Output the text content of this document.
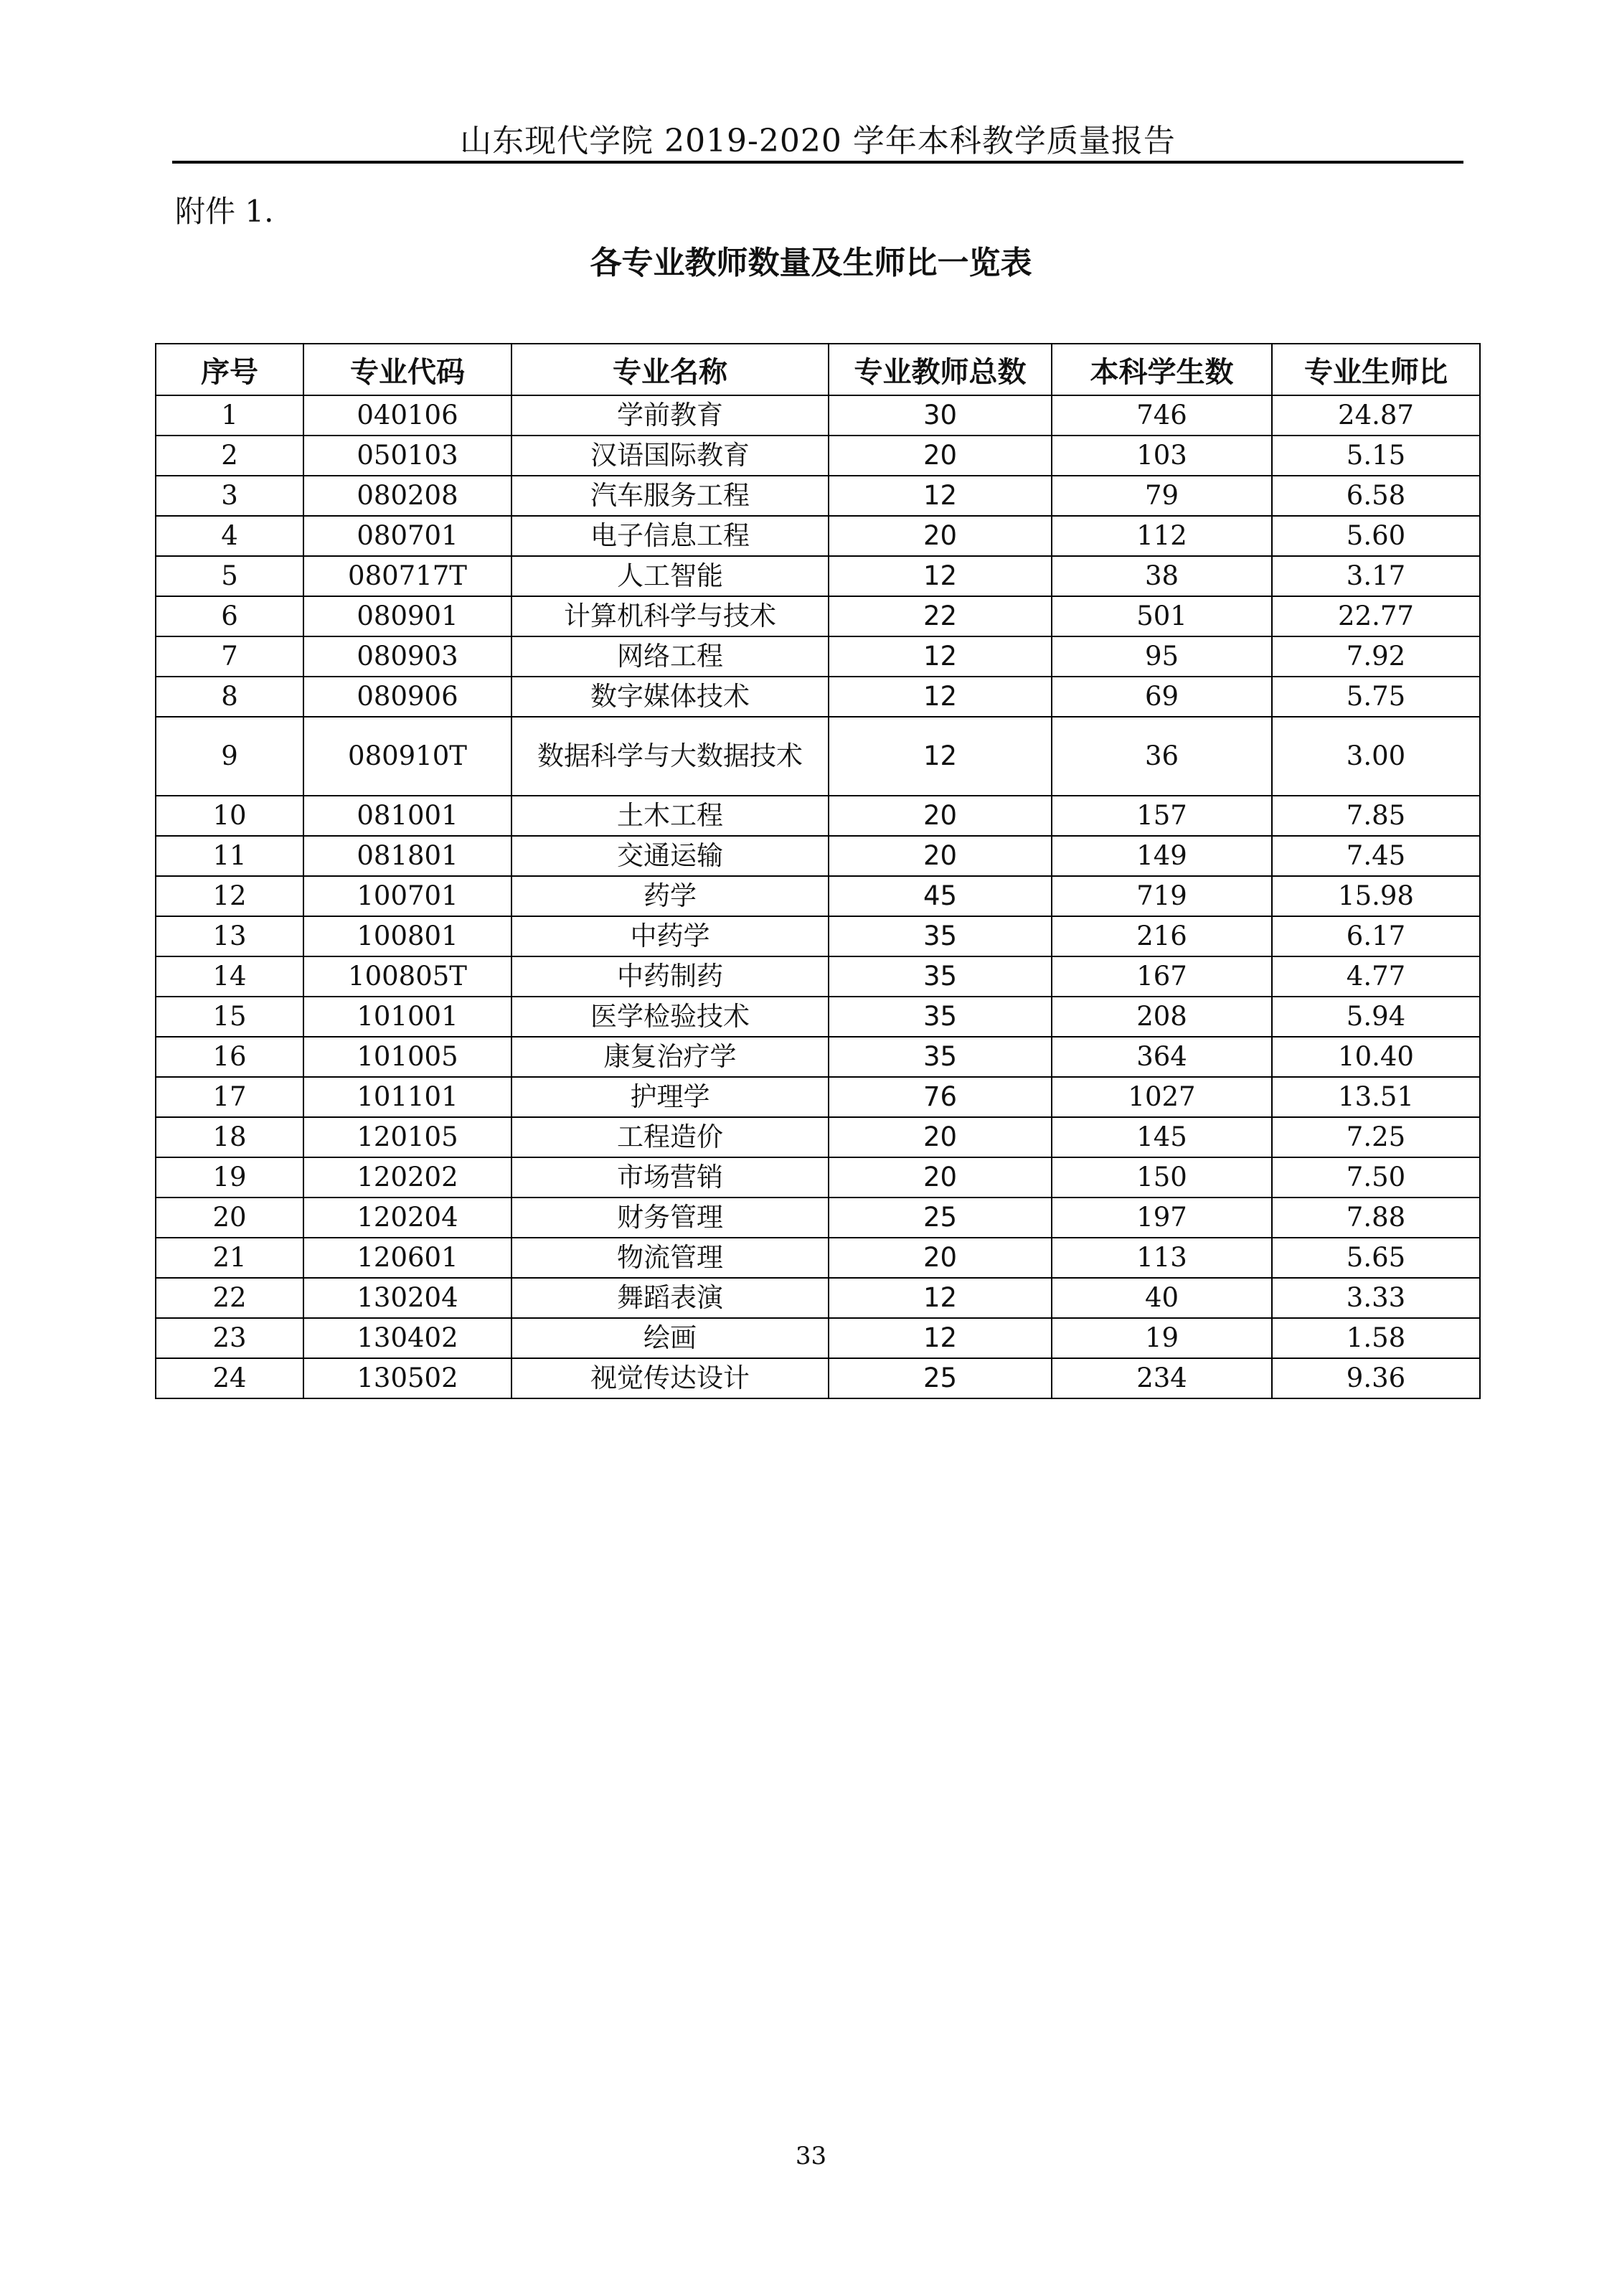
山东现代学院 2019-2020 学年本科教学质量报告
附件 1.
各专业教师数量及生师比一览表
序号	专业代码	专业名称	专业教师总数	本科学生数	专业生师比
1	040106	学前教育	30	746	24.87
2	050103	汉语国际教育	20	103	5.15
3	080208	汽车服务工程	12	79	6.58
4	080701	电子信息工程	20	112	5.60
5	080717T	人工智能	12	38	3.17
6	080901	计算机科学与技术	22	501	22.77
7	080903	网络工程	12	95	7.92
8	080906	数字媒体技术	12	69	5.75
9	080910T	数据科学与大数据技术	12	36	3.00
10	081001	土木工程	20	157	7.85
11	081801	交通运输	20	149	7.45
12	100701	药学	45	719	15.98
13	100801	中药学	35	216	6.17
14	100805T	中药制药	35	167	4.77
15	101001	医学检验技术	35	208	5.94
16	101005	康复治疗学	35	364	10.40
17	101101	护理学	76	1027	13.51
18	120105	工程造价	20	145	7.25
19	120202	市场营销	20	150	7.50
20	120204	财务管理	25	197	7.88
21	120601	物流管理	20	113	5.65
22	130204	舞蹈表演	12	40	3.33
23	130402	绘画	12	19	1.58
24	130502	视觉传达设计	25	234	9.36
33
